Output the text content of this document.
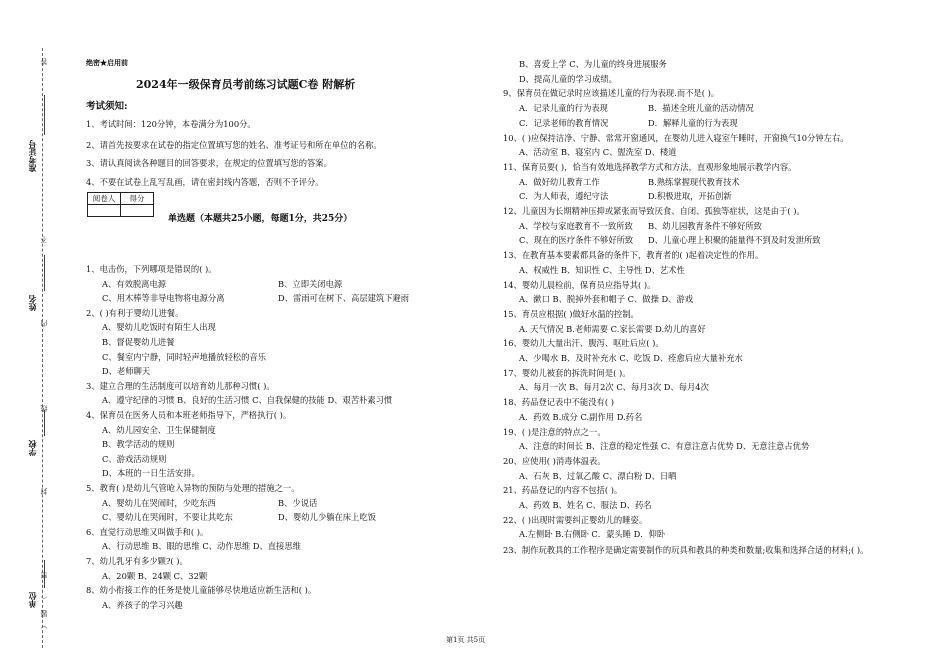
准考证号
姓名
学校
单位
答
不
内
线
封
密
（
题
）
绝密★启用前
2024年一级保育员考前练习试题C卷 附解析
考试须知:
1、考试时间：120分钟，本卷满分为100分。
2、请首先按要求在试卷的指定位置填写您的姓名、准考证号和所在单位的名称。
3、请认真阅读各种题目的回答要求，在规定的位置填写您的答案。
4、不要在试卷上乱写乱画，请在密封线内答题，否则不予评分。
阅卷人	得分

单选题（本题共25小题，每题1分，共25分）
1、电击伤，下列哪项是错误的( )。
A、有效脱离电源	B、立即关闭电源
C、用木棒等非导电物将电源分离	D、雷雨可在树下、高层建筑下避雨
2、( )有利于婴幼儿进餐。
A、婴幼儿吃饭时有陌生人出现
B、督促婴幼儿进餐
C、餐室内宁静，同时轻声地播放轻松的音乐
D、老师聊天
3、建立合理的生活制度可以培育幼儿那种习惯( )。
A、遵守纪律的习惯 B、良好的生活习惯 C、自我保健的技能 D、艰苦朴素习惯
4、保育员在医务人员和本班老师指导下，严格执行( )。
A、幼儿园安全、卫生保健制度
B、教学活动的规则
C、游戏活动规则
D、本班的一日生活安排。
5、教育( )是幼儿气管呛入异物的预防与处理的措施之一。
A、婴幼儿在哭闹时，少吃东西	B、少说话
C、婴幼儿在哭闹时，不要让其吃东	D、婴幼儿少躺在床上吃饭
6、直觉行动思维又叫做手和( )。
A、行动思维 B、眼的思维 C、动作思维 D、直接思维
7、幼儿乳牙有多少颗?( )。
A、20颗 B、24颗 C、32颗
8、幼小衔接工作的任务是使儿童能够尽快地适应新生活和( )。
A、养孩子的学习兴趣
B、喜爱上学 C、为儿童的终身进展服务
D、提高儿童的学习成绩。
9、保育员在做记录时应该描述儿童的行为表现.而不是( )。
A．记录儿童的行为表现	B．描述全班儿童的活动情况
C．记录老师的教育情况	D．解释儿童的行为表现
10、( )应保持洁净、宁静、常常开窗通风，在婴幼儿进入寝室午睡时，开窗换气10分钟左右。
A、活动室 B、寝室内 C、盥洗室 D、楼道
11、保育员要( )，恰当有效地选择教学方式和方法，直观形象地展示教学内容。
A．做好幼儿教育工作	B.熟练掌握现代教育技术
C．为人师表，遵纪守法	D.积极进取，开拓创新
12、儿童因为长期精神压抑或紧张而导致厌食、自闭、孤独等症状，这是由于( )。
A、学校与家庭教育不一致所致 B、幼儿园教育条件不够好所致
C、现在的医疗条件不够好所致 D、儿童心理上积聚的能量得不到及时发泄所致
13、在教育基本要素都具备的条件下，教育者的( )起着决定性的作用。
A、权威性 B、知识性 C、主导性 D、艺术性
14、婴幼儿晨检前，保育员应指导其( )。
A、漱口 B、脱掉外套和帽子 C、做操 D、游戏
15、育员应根据( )做好水温的控制。
A. 天气情况 B.老师需要 C.家长需要 D.幼儿的喜好
16、婴幼儿大量出汗、腹泻、呕吐后应( )。
A、少喝水 B、及时补充水 C、吃饭 D、痊愈后应大量补充水
17、婴幼儿被套的拆洗时间是( )。
A、每月一次 B、每月2次 C、每月3次 D、每月4次
18、药品登记表中不能没有( )
A．药效 B.成分 C.副作用 D.药名
19、( )是注意的特点之一。
A、注意的时间长 B、注意的稳定性强 C、有意注意占优势 D、无意注意占优势
20、应使用( )消毒体温表。
A、石灰 B、过氧乙酸 C、漂白粉 D、日晒
21、药品登记的内容不包括( )。
A、药效 B、姓名 C、服法 D、药名
22、( )出现时需要纠正婴幼儿的睡姿。
A.左侧卧 B.右侧卧 C．蒙头睡 D．仰卧
23、制作玩教具的工作程序是确定需要制作的玩具和教具的种类和数量;收集和选择合适的材料;( )。
第1页 共5页
